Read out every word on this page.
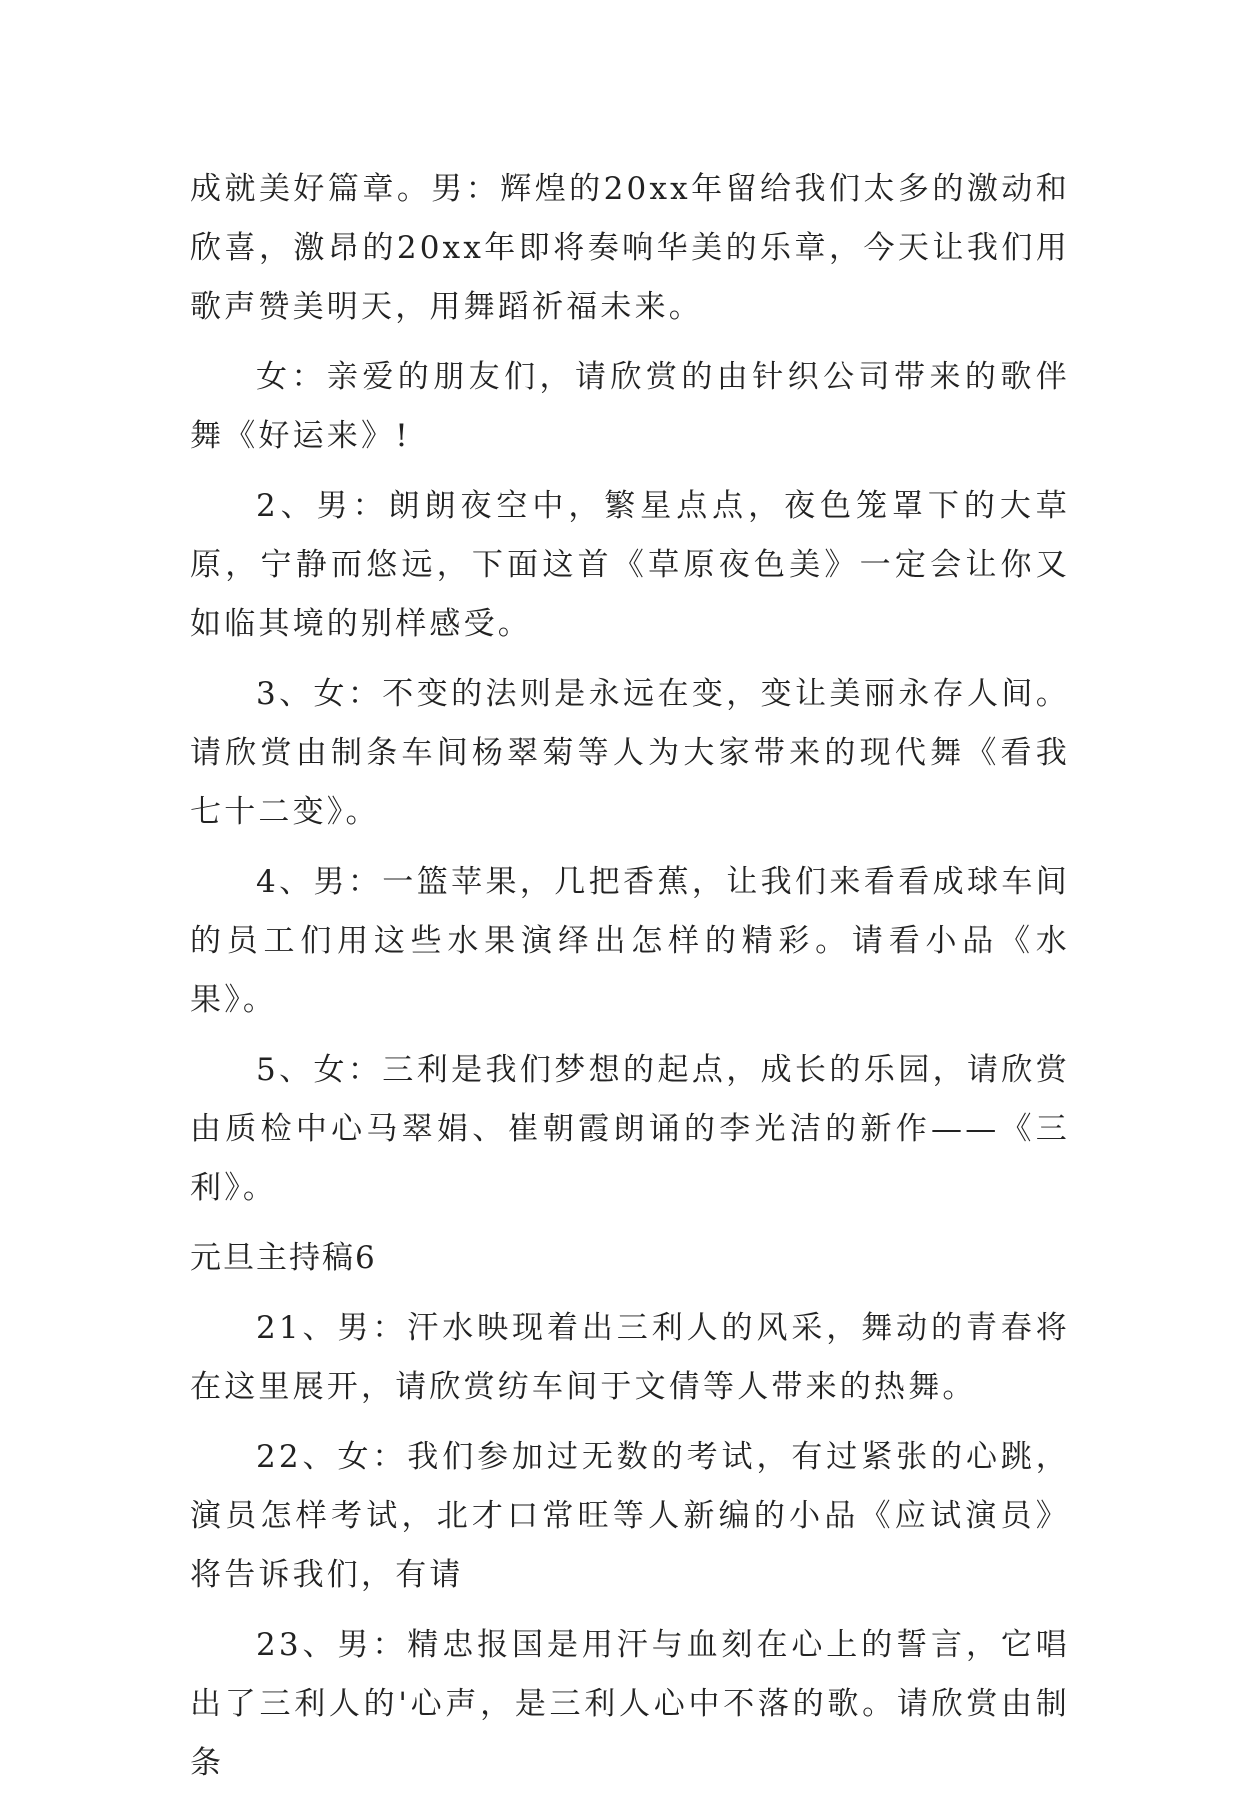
成就美好篇章。男：辉煌的20xx年留给我们太多的激动和欣喜，激昂的20xx年即将奏响华美的乐章，今天让我们用歌声赞美明天，用舞蹈祈福未来。

女：亲爱的朋友们，请欣赏的由针织公司带来的歌伴舞《好运来》!

2、男：朗朗夜空中，繁星点点，夜色笼罩下的大草原，宁静而悠远，下面这首《草原夜色美》一定会让你又如临其境的别样感受。

3、女：不变的法则是永远在变，变让美丽永存人间。请欣赏由制条车间杨翠菊等人为大家带来的现代舞《看我七十二变》。

4、男：一篮苹果，几把香蕉，让我们来看看成球车间的员工们用这些水果演绎出怎样的精彩。请看小品《水果》。

5、女：三利是我们梦想的起点，成长的乐园，请欣赏由质检中心马翠娟、崔朝霞朗诵的李光洁的新作——《三利》。

元旦主持稿6

21、男：汗水映现着出三利人的风采，舞动的青春将在这里展开，请欣赏纺车间于文倩等人带来的热舞。

22、女：我们参加过无数的考试，有过紧张的心跳，演员怎样考试，北才口常旺等人新编的小品《应试演员》将告诉我们，有请

23、男：精忠报国是用汗与血刻在心上的誓言，它唱出了三利人的'心声，是三利人心中不落的歌。请欣赏由制条
